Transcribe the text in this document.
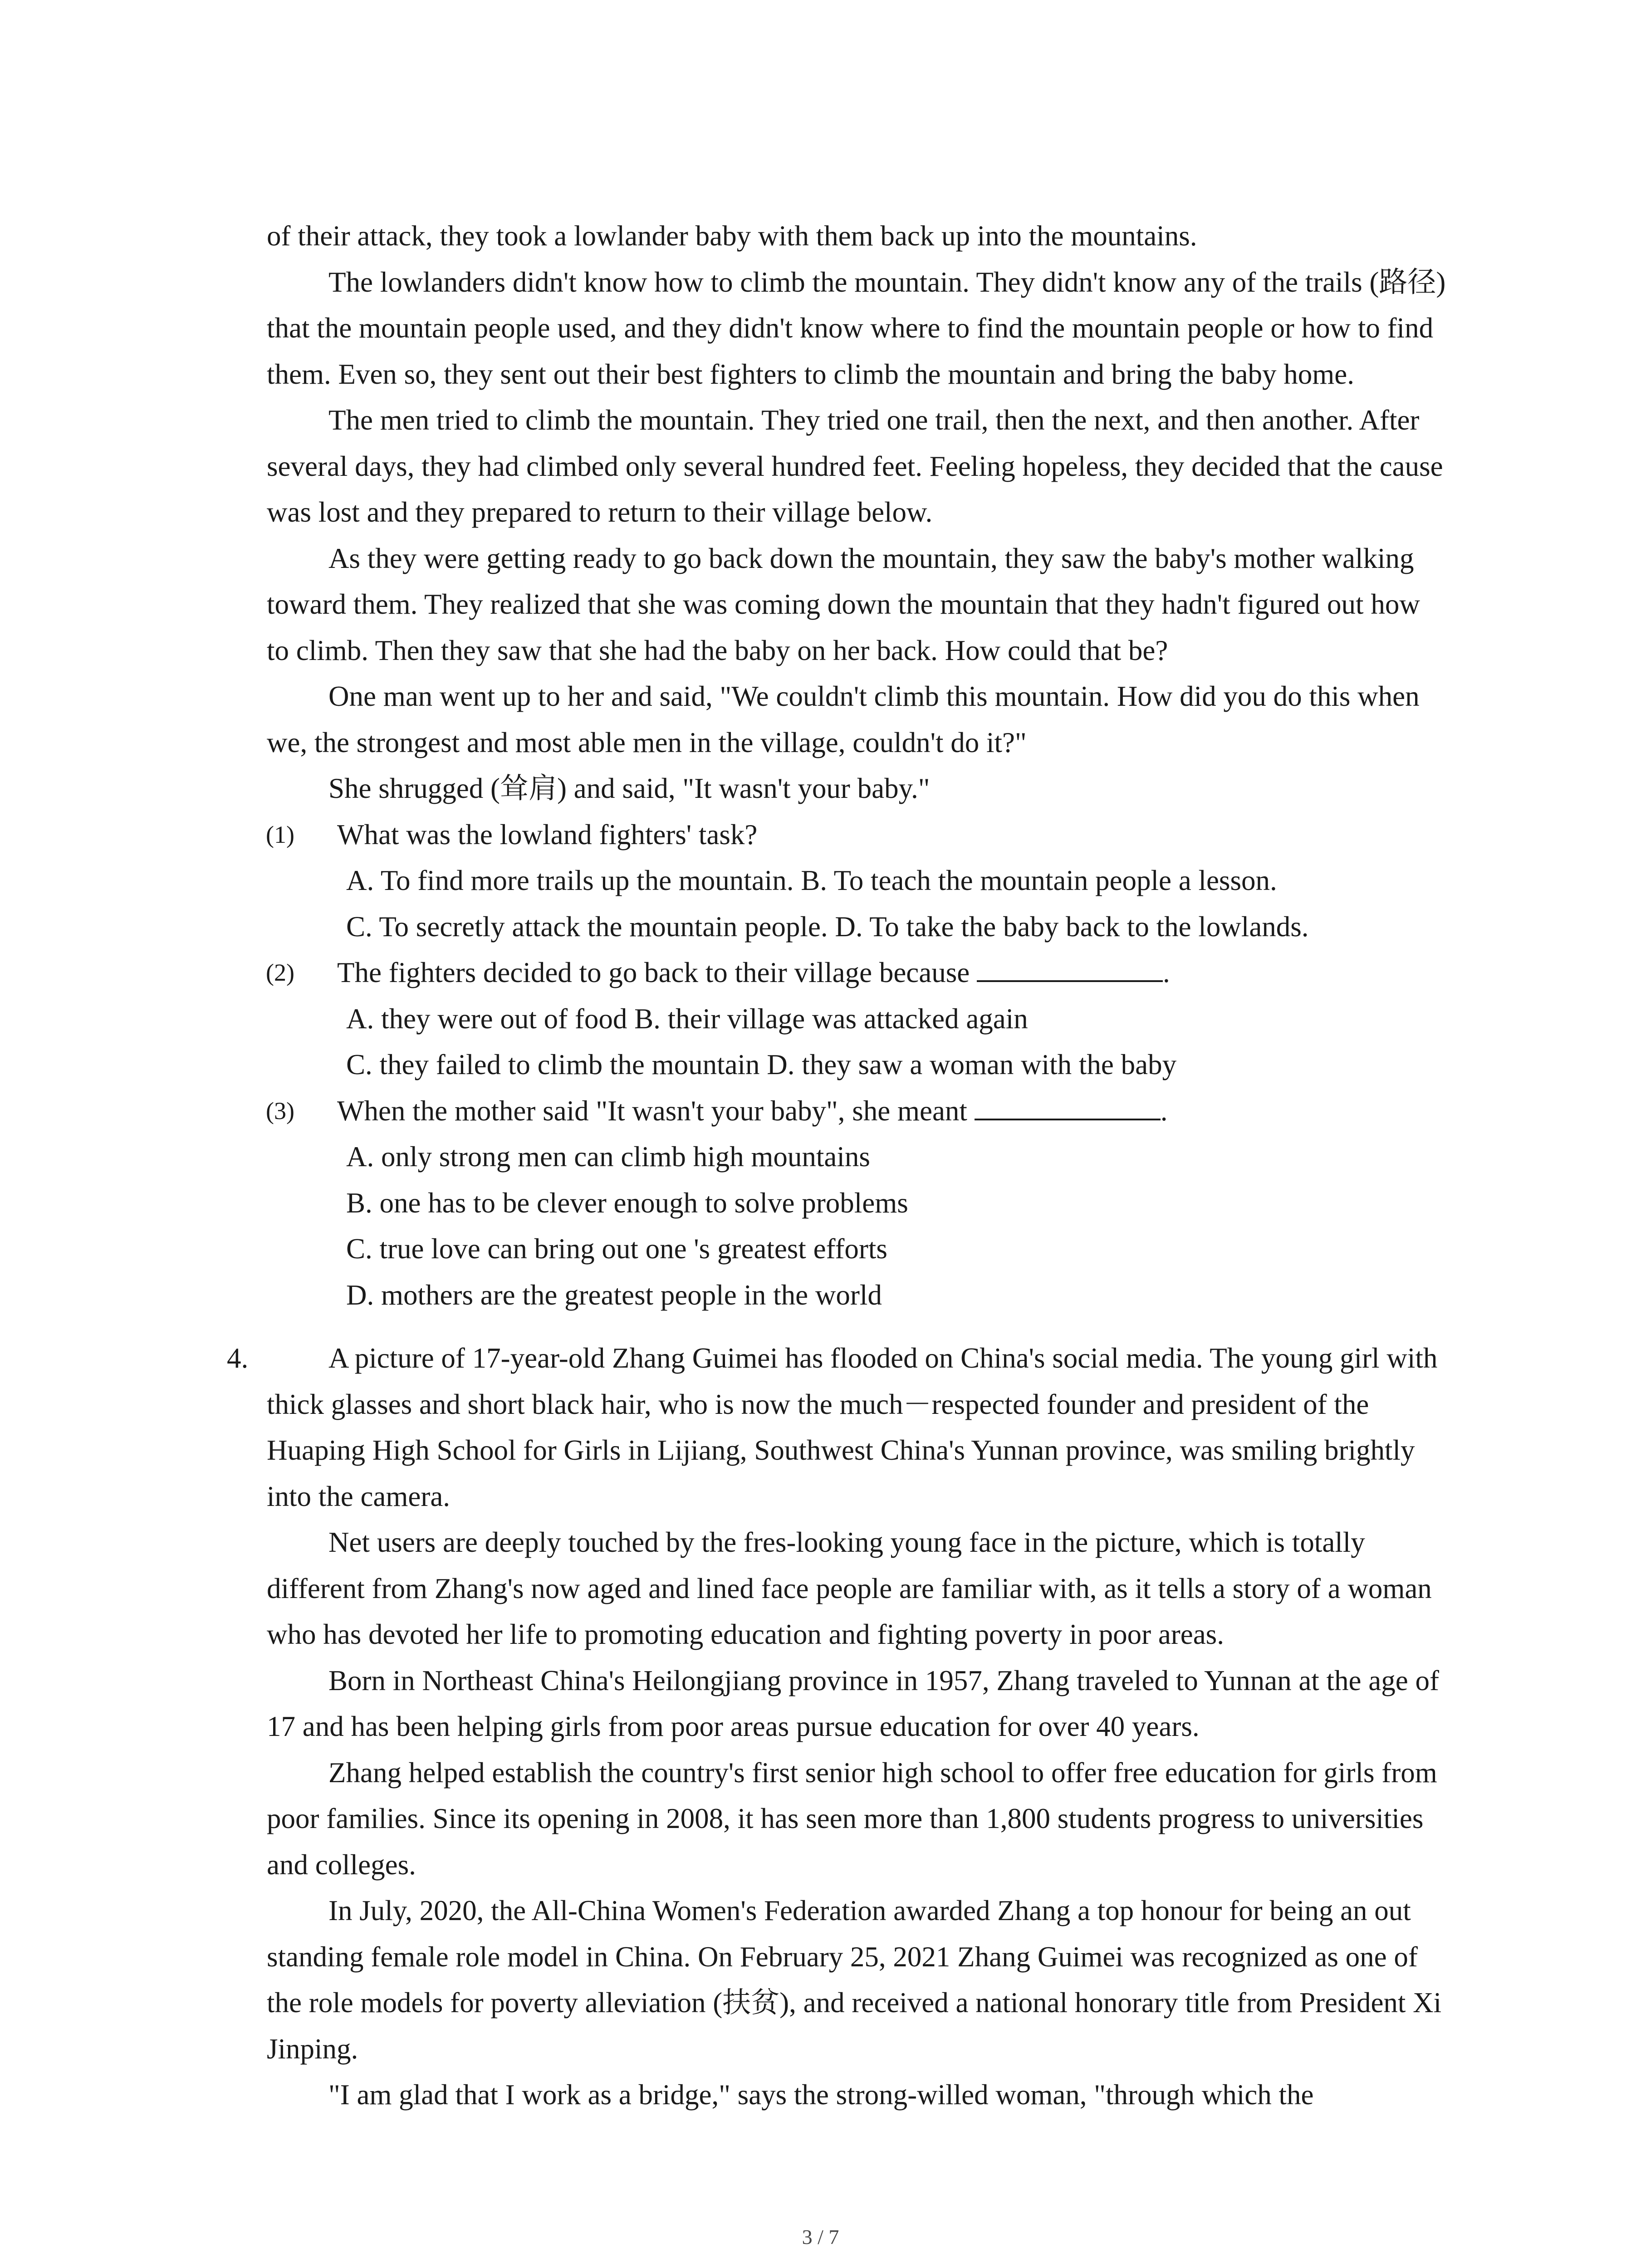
of their attack, they took a lowlander baby with them back up into the mountains.

The lowlanders didn't know how to climb the mountain. They didn't know any of the trails (路径) that the mountain people used, and they didn't know where to find the mountain people or how to find them. Even so, they sent out their best fighters to climb the mountain and bring the baby home.

The men tried to climb the mountain. They tried one trail, then the next, and then another. After several days, they had climbed only several hundred feet. Feeling hopeless, they decided that the cause was lost and they prepared to return to their village below.

As they were getting ready to go back down the mountain, they saw the baby's mother walking toward them. They realized that she was coming down the mountain that they hadn't figured out how to climb. Then they saw that she had the baby on her back. How could that be?

One man went up to her and said, "We couldn't climb this mountain. How did you do this when we, the strongest and most able men in the village, couldn't do it?"

She shrugged (耸肩) and said, "It wasn't your baby."

(1) What was the lowland fighters' task?
A. To find more trails up the mountain. B. To teach the mountain people a lesson.
C. To secretly attack the mountain people. D. To take the baby back to the lowlands.
(2) The fighters decided to go back to their village because	.
A. they were out of food B. their village was attacked again
C. they failed to climb the mountain D. they saw a woman with the baby
(3) When the mother said "It wasn't your baby", she meant	.
A. only strong men can climb high mountains
B. one has to be clever enough to solve problems
C. true love can bring out one 's greatest efforts
D. mothers are the greatest people in the world
4.	A picture of 17-year-old Zhang Guimei has flooded on China's social media. The young girl with thick glasses and short black hair, who is now the much－respected founder and president of the Huaping High School for Girls in Lijiang, Southwest China's Yunnan province, was smiling brightly into the camera.

Net users are deeply touched by the fres-looking young face in the picture, which is totally different from Zhang's now aged and lined face people are familiar with, as it tells a story of a woman who has devoted her life to promoting education and fighting poverty in poor areas.

Born in Northeast China's Heilongjiang province in 1957, Zhang traveled to Yunnan at the age of 17 and has been helping girls from poor areas pursue education for over 40 years.

Zhang helped establish the country's first senior high school to offer free education for girls from poor families. Since its opening in 2008, it has seen more than 1,800 students progress to universities and colleges.

In July, 2020, the All-China Women's Federation awarded Zhang a top honour for being an out standing female role model in China. On February 25, 2021 Zhang Guimei was recognized as one of the role models for poverty alleviation (扶贫), and received a national honorary title from President Xi Jinping.

"I am glad that I work as a bridge," says the strong-willed woman, "through which the

3 / 7
